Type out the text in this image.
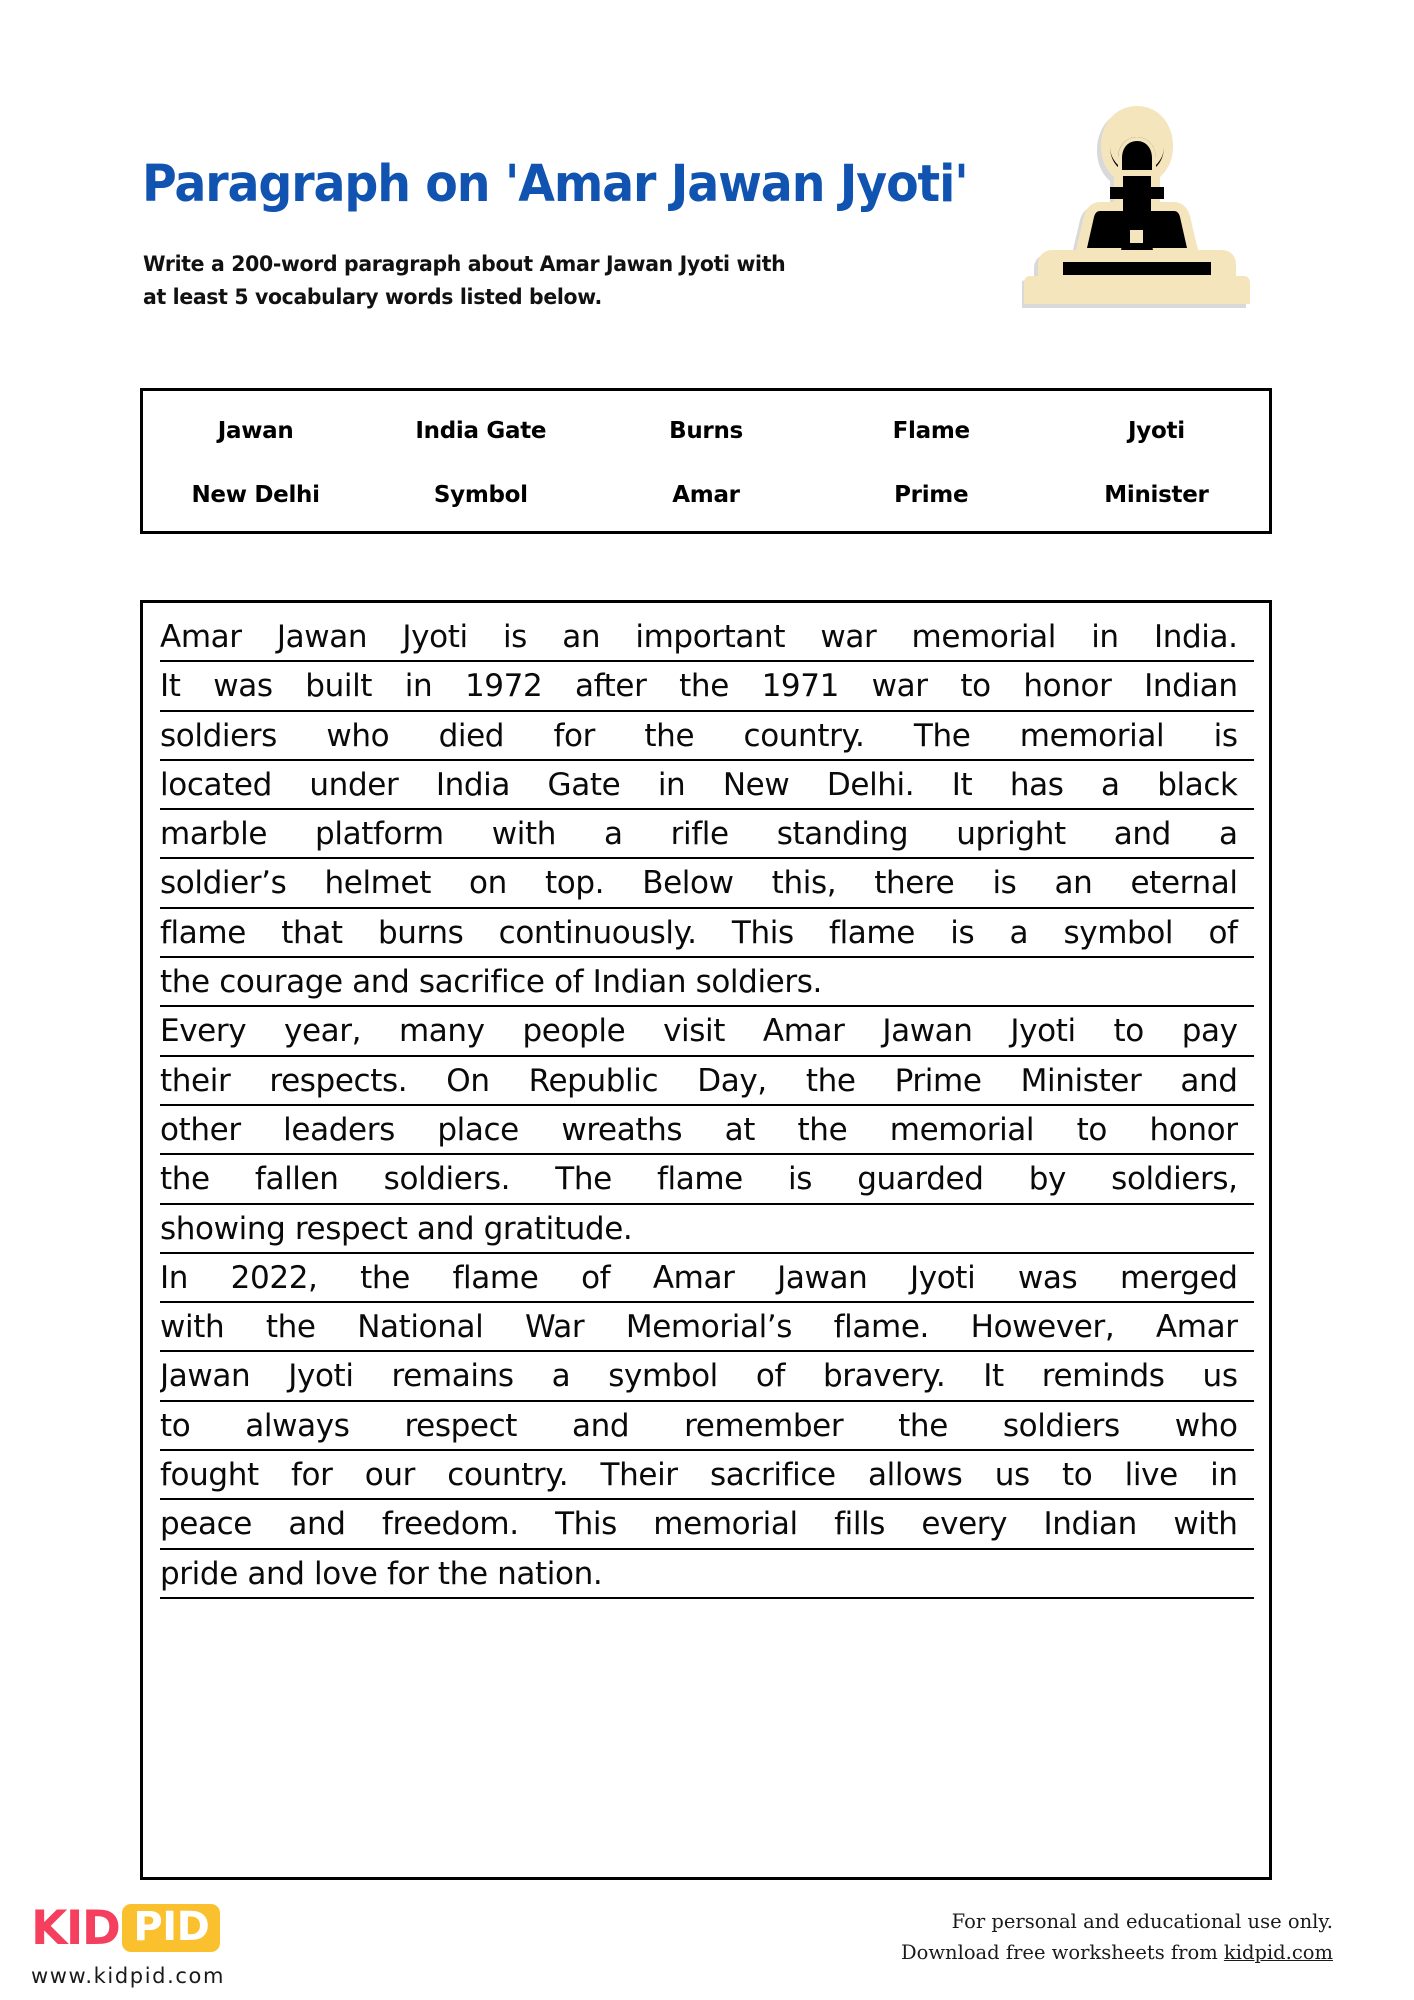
Paragraph on 'Amar Jawan Jyoti'
Write a 200-word paragraph about Amar Jawan Jyoti with at least 5 vocabulary words listed below.
Jawan	India Gate	Burns	Flame	Jyoti
New Delhi	Symbol	Amar	Prime	Minister
Amar Jawan Jyoti is an important war memorial in India.
It was built in 1972 after the 1971 war to honor Indian
soldiers who died for the country. The memorial is
located under India Gate in New Delhi. It has a black
marble platform with a rifle standing upright and a
soldier’s helmet on top. Below this, there is an eternal
flame that burns continuously. This flame is a symbol of
the courage and sacrifice of Indian soldiers.
Every year, many people visit Amar Jawan Jyoti to pay
their respects. On Republic Day, the Prime Minister and
other leaders place wreaths at the memorial to honor
the fallen soldiers. The flame is guarded by soldiers,
showing respect and gratitude.
In 2022, the flame of Amar Jawan Jyoti was merged
with the National War Memorial’s flame. However, Amar
Jawan Jyoti remains a symbol of bravery. It reminds us
to always respect and remember the soldiers who
fought for our country. Their sacrifice allows us to live in
peace and freedom. This memorial fills every Indian with
pride and love for the nation.
KID PID
www.kidpid.com
For personal and educational use only.
Download free worksheets from kidpid.com
